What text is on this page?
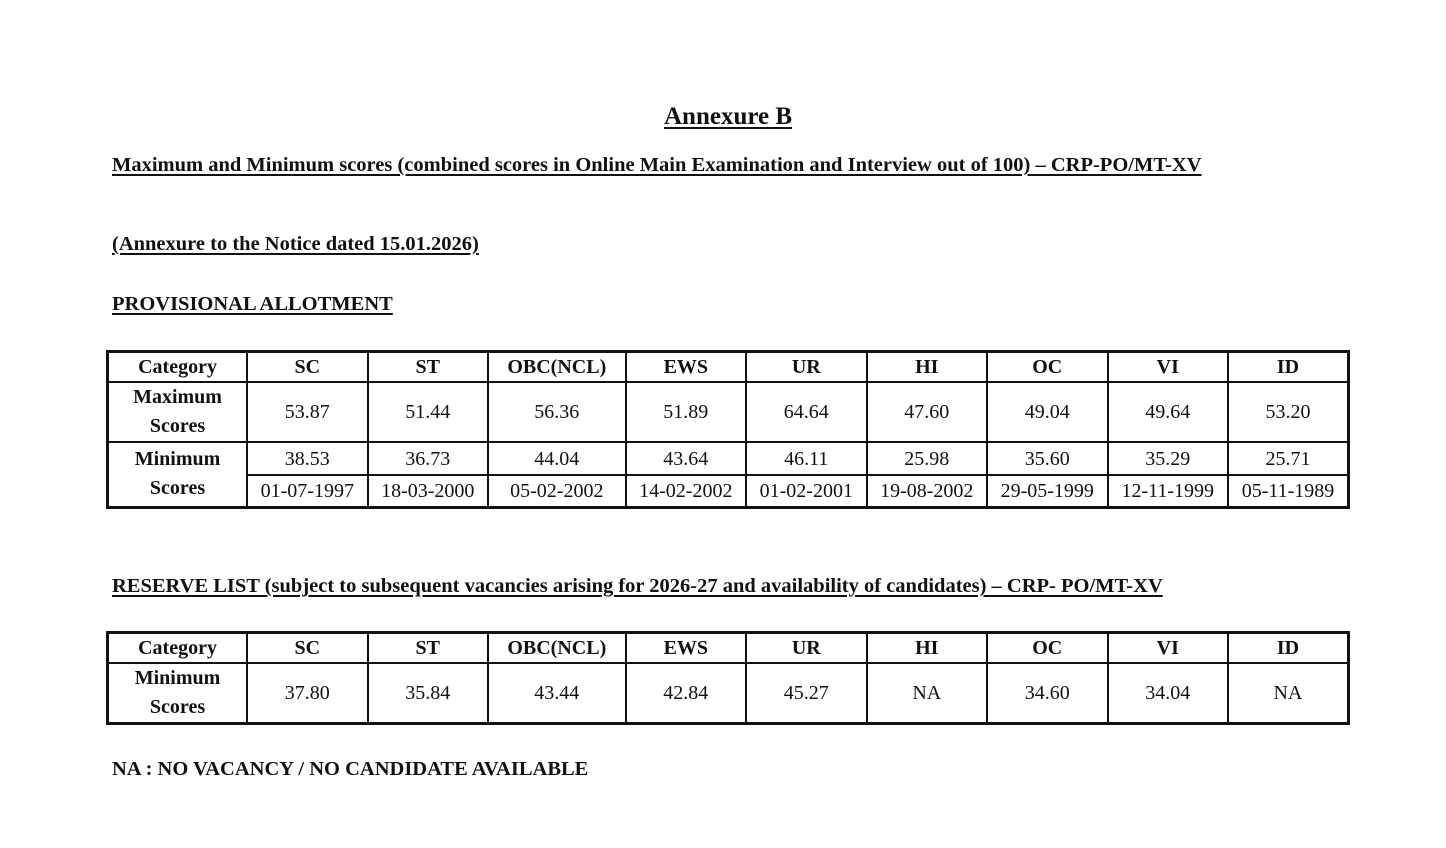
Annexure B
Maximum and Minimum scores (combined scores in Online Main Examination and Interview out of 100) – CRP-PO/MT-XV
(Annexure to the Notice dated 15.01.2026)
PROVISIONAL ALLOTMENT
Category	SC	ST	OBC(NCL)	EWS	UR	HI	OC	VI	ID
Maximum
Scores	53.87	51.44	56.36	51.89	64.64	47.60	49.04	49.64	53.20
Minimum
Scores	38.53	36.73	44.04	43.64	46.11	25.98	35.60	35.29	25.71
	01-07-1997	18-03-2000	05-02-2002	14-02-2002	01-02-2001	19-08-2002	29-05-1999	12-11-1999	05-11-1989
RESERVE LIST (subject to subsequent vacancies arising for 2026-27 and availability of candidates) – CRP- PO/MT-XV
Category	SC	ST	OBC(NCL)	EWS	UR	HI	OC	VI	ID
Minimum
Scores	37.80	35.84	43.44	42.84	45.27	NA	34.60	34.04	NA
NA : NO VACANCY / NO CANDIDATE AVAILABLE
